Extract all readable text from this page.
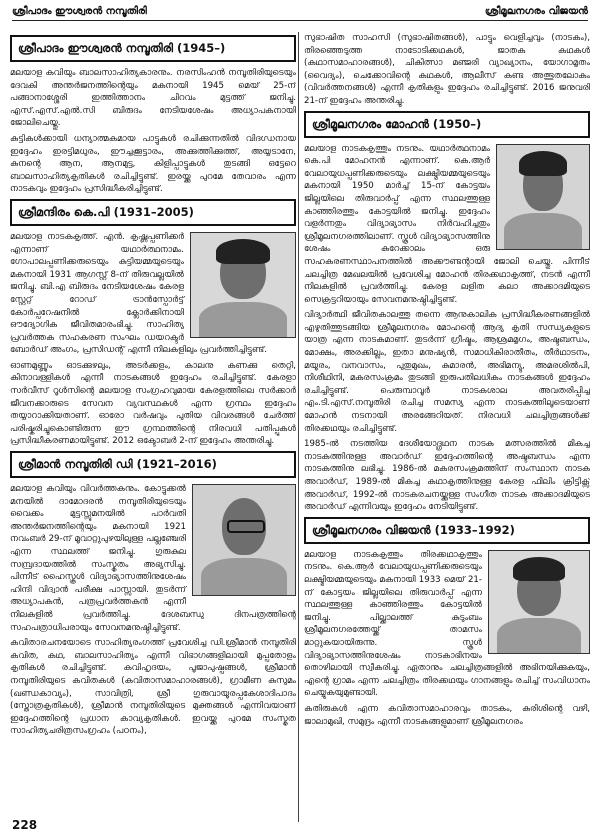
ശ്രീപാദം ഈശ്വരൻ നമ്പൂതിരി	ശ്രീമൂലനഗരം വിജയൻ
ശ്രീപാദം ഈശ്വരൻ നമ്പൂതിരി (1945–)

മലയാള കവിയും ബാലസാഹിത്യകാരനും. നരസിംഹൻ നമ്പൂതിരിയുടെയും ദേവകി അന്തർജനത്തിന്റെയും മകനായി 1945 മെയ് 25-ന് പങ്ങാനാശ്ശേരി ഇത്തിത്താനം ചിറവം മുട്ടത്ത് ജനിച്ചു. എസ്.എസ്.എൽ.സി ബിരുദം നേടിയശേഷം അധ്യാപകനായി ജോലിചെയ്തു.

കുട്ടികൾക്കായി ധന്യാത്മകമായ പാട്ടുകൾ രചിക്കുന്നതിൽ വിദഗ്ധനായ ഇദ്ദേഹം ഇരട്ടിമധുരം, ഈച്ചക്കൂട്ടാരം, അക്കുത്തിക്കുത്ത്, അയ്യടാനേ, കുനന്റെ ആന, ആനമുട്ട, കിളിപ്പാട്ടുകൾ തുടങ്ങി ഒട്ടേറെ ബാലസാഹിത്യകൃതികൾ രചിച്ചിട്ടുണ്ട്. ഇരയ്ക്കു പുറമേ തേവാരം എന്ന നാടകവും ഇദ്ദേഹം പ്രസിദ്ധീകരിച്ചിട്ടുണ്ട്.

ശ്രീമന്ദിരം കെ.പി (1931–2005)

മലയാള നാടകകൃത്ത്. എൻ. കൃഷ്ണപ്പണിക്കർ എന്നാണ് യഥാർത്ഥനാമം. ഗോപാലപ്പണിക്കരുടെയും കുട്ടിയമ്മയുടെയും മകനായി 1931 ആഗസ്റ്റ് 8-ന് തിരുവല്ലയിൽ ജനിച്ചു. ബി.എ ബിരുദം നേടിയശേഷം കേരള സ്റ്റേറ്റ് റോഡ് ട്രാൻസ്പോർട്ട് കോർപ്പറേഷനിൽ ക്ലോർക്കിനായി ഔദ്യോഗിക ജീവിതമാരംഭിച്ചു. സാഹിത്യ പ്രവർത്തക സഹകരണ സംഘം ഡയറക്ടർ ബോർഡ് അംഗം, പ്രസിഡന്റ് എന്നീ നിലകളിലും പ്രവർത്തിച്ചിട്ടുണ്ട്.

ഓണമുണ്ണും ഓടക്കുഴലും, അടർക്കളം, കാലനു കണക്കു തെറ്റി, കിനാവള്ളികൾ എന്നീ നാടകങ്ങൾ ഇദ്ദേഹം രചിച്ചിട്ടുണ്ട്. കേരളാ സർവീസ് റൂൾസിന്റെ മലയാള സംഗ്രഹവുമായ കേരളത്തിലെ സർക്കാർ ജീവനക്കാരുടെ സേവന വ്യവസ്ഥകൾ എന്ന ഗ്രന്ഥം ഇദ്ദേഹം തയ്യാറാക്കിയതാണ്. ഓരോ വർഷവും പുതിയ വിവരങ്ങൾ ചേർത്ത് പരിഷ്കരിച്ചുകൊണ്ടിരുന്ന ഈ ഗ്രന്ഥത്തിന്റെ നിരവധി പതിപ്പുകൾ പ്രസിദ്ധീകരണമായിട്ടുണ്ട്. 2012 ഒക്ടോബർ 2-ന് ഇദ്ദേഹം അന്തരിച്ചു.

ശ്രീമാൻ നമ്പൂതിരി ഡി (1921–2016)

മലയാള കവിയും വിവർത്തകനും. കോട്ടുക്കൽ മനയിൽ ദാമോദരൻ നമ്പൂതിരിയുടെയും വൈക്കം മുട്ടസ്സുമനയിൽ പാർവതി അന്തർജനത്തിന്റെയും മകനായി 1921 നവംബർ 29-ന് മൂവാറ്റുപുഴയിലുള്ള പല്ലഞ്ചേരി എന്ന സ്ഥലത്ത് ജനിച്ചു. ഗുരുകുല സമ്പ്രദായത്തിൽ സംസ്കൃതം അഭ്യസിച്ചു. പിന്നീട് ഹൈസ്കൂൾ വിദ്യാഭ്യാസത്തിനുശേഷം ഹിന്ദി വിദ്വാൻ പരീക്ഷ പാസ്സായി. തുടർന്ന് അധ്യാപകൻ, പത്രപ്രവർത്തകൻ എന്നീ നിലകളിൽ പ്രവർത്തിച്ചു. ദേശബന്ധു ദിനപത്രത്തിന്റെ സഹപത്രാധിപരായും സേവനമനുഷ്ഠിച്ചിട്ടുണ്ട്.

കവിതാരചനയോടെ സാഹിത്യരംഗത്ത് പ്രവേശിച്ച ഡി.ശ്രീമാൻ നമ്പൂതിരി കവിത, കഥ, ബാലസാഹിത്യം എന്നീ വിഭാഗങ്ങളിലായി മുപ്പതോളം കൃതികൾ രചിച്ചിട്ടുണ്ട്. കവിഹൃദയം, പൂജാപുഷ്പങ്ങൾ, ശ്രീമാൻ നമ്പൂതിരിയുടെ കവിതകൾ (കവിതാസമാഹാരങ്ങൾ), ഗ്രാമീണ കുസുമം (ഖണ്ഡകാവ്യം), സാവിത്രി, ശ്രീ ഗുരുവായൂരപ്പകേശാദിപാദം (സ്തോത്രകൃതികൾ), ശ്രീമാൻ നമ്പൂതിരിയുടെ മുക്തങ്ങൾ എന്നിവയാണ് ഇദ്ദേഹത്തിന്റെ പ്രധാന കാവ്യകൃതികൾ. ഇവയ്ക്കു പുറമേ സംസ്കൃത സാഹിത്യചരിത്രസംഗ്രഹം (പഠനം),

സുഭാഷിത സാഹസി (സുഭാഷിതങ്ങൾ), പാട്ടും വെളിച്ചവും (നാടകം), തിരഞ്ഞെടുത്ത നാടോടിക്കഥകൾ, ജാതക കഥകൾ (കഥാസമാഹാരങ്ങൾ), ചികിത്സാ മഞ്ജരി വ്യാഖ്യാനം, യോഗാമൃതം (വൈദ്യം), ചെക്കോവിന്റെ കഥകൾ, ആലീസ് കണ്ട അത്ഭുതലോകം (വിവർത്തനങ്ങൾ) എന്നീ കൃതികളും ഇദ്ദേഹം രചിച്ചിട്ടുണ്ട്. 2016 ജനുവരി 21-ന് ഇദ്ദേഹം അന്തരിച്ചു.

ശ്രീമൂലനഗരം മോഹൻ (1950–)

മലയാള നാടകകൃത്തും നടനും. യഥാർത്ഥനാമം കെ.പി മോഹനൻ എന്നാണ്. കെ.ആർ വേലായുധപ്പണിക്കരുടെയും ലക്ഷ്മിയമ്മയുടെയും മകനായി 1950 മാർച്ച് 15-ന് കോട്ടയം ജില്ലയിലെ തിരുവാർപ്പ് എന്ന സ്ഥലത്തുള്ള കാഞ്ഞിരത്തും കോട്ടയിൽ ജനിച്ചു. ഇദ്ദേഹം വളർന്നതും വിദ്യാഭ്യാസം നിർവഹിച്ചതും ശ്രീമൂലനഗരത്തിലാണ്. സ്കൂൾ വിദ്യാഭ്യാസത്തിനു ശേഷം കുറേക്കാലം ഒരു സഹകരണസ്ഥാപനത്തിൽ അക്കൗണ്ടന്റായി ജോലി ചെയ്തു. പിന്നീട് ചലച്ചിത്ര മേഖലയിൽ പ്രവേശിച്ച മോഹൻ തിരക്കഥാകൃത്ത്, നടൻ എന്നീ നിലകളിൽ പ്രവർത്തിച്ചു. കേരള ലളിത കലാ അക്കാദമിയുടെ സെക്രട്ടറിയായും സേവനമനുഷ്ഠിച്ചിട്ടുണ്ട്.

വിദ്യാർത്ഥി ജീവിതകാലത്തു തന്നെ ആനുകാലിക പ്രസിദ്ധീകരണങ്ങളിൽ എഴുതിത്തുടങ്ങിയ ശ്രീമൂലനഗരം മോഹന്റെ ആദ്യ കൃതി സന്ധ്യകളുടെ യാത്ര എന്ന നാടകമാണ്. തുടർന്ന് ഗ്രീഷ്മം, ആശ്രമമൃഗം, അഷ്ടബന്ധം, മോക്ഷം, അരക്കില്ലം, ഇതാ മനുഷ്യൻ, സമാധികിരാതീതം, തീർഥാടനം, മയൂരം, വനവാസം, പുതുമുഖം, കുമാരൻ, അഭിമന്യു, അമരശിൽപി, നിശീഥിനി, മകരസംക്രമം തുടങ്ങി ഇരുപതിലധികം നാടകങ്ങൾ ഇദ്ദേഹം രചിച്ചിട്ടുണ്ട്. പെരുമ്പാവൂർ നാടകശാല അവതരിപ്പിച്ച എം.ടി.എസ്.നമ്പൂതിരി രചിച്ച സമസ്യ എന്ന നാടകത്തിലൂടെയാണ് മോഹൻ നടനായി അരങ്ങേറിയത്. നിരവധി ചലച്ചിത്രങ്ങൾക്ക് തിരക്കഥയും രചിച്ചിട്ടുണ്ട്.

1985-ൽ നടത്തിയ ദേശീയോദ്ഗ്രഥന നാടക മത്സരത്തിൽ മികച്ച നാടകത്തിനുള്ള അവാർഡ് ഇദ്ദേഹത്തിന്റെ അഷ്ടബന്ധം എന്ന നാടകത്തിനു ലഭിച്ചു. 1986-ൽ മകരസംക്രമത്തിന് സംസ്ഥാന നാടക അവാർഡ്, 1989-ൽ മികച്ച കഥാകൃത്തിനുള്ള കേരള ഫിലിം ക്രിട്ടിക്സ് അവാർഡ്, 1992-ൽ നാടകരചനയ്ക്കുള്ള സംഗീത നാടക അക്കാദമിയുടെ അവാർഡ് എന്നിവയും ഇദ്ദേഹം നേടിയിട്ടുണ്ട്.

ശ്രീമൂലനഗരം വിജയൻ (1933–1992)

മലയാള നാടകകൃത്തും തിരക്കഥാകൃത്തും നടനും. കെ.ആർ വേലായുധപ്പണിക്കരുടെയും ലക്ഷ്മിയമ്മയുടെയും മകനായി 1933 മെയ് 21-ന് കോട്ടയം ജില്ലയിലെ തിരുവാർപ്പ് എന്ന സ്ഥലത്തുള്ള കാഞ്ഞിരത്തും കോട്ടയിൽ ജനിച്ചു. പില്ക്കാലത്ത് കുടുംബം ശ്രീമൂലനഗരത്തേയ്ക്ക് താമസം മാറ്റുകയായിരുന്നു. സ്കൂൾ വിദ്യാഭ്യാസത്തിനുശേഷം നാടകാഭിനയം തൊഴിലായി സ്വീകരിച്ചു. ഏതാനും ചലച്ചിത്രങ്ങളിൽ അഭിനയിക്കുകയും, എന്റെ ഗ്രാമം എന്ന ചലച്ചിത്രം തിരക്കഥയും ഗാനങ്ങളും രചിച്ച് സംവിധാനം ചെയ്യുകയുമുണ്ടായി.

കതിരുകൾ എന്ന കവിതാസമാഹാരവും താടകം, കുരിശിന്റെ വഴി, ജാലാമുഖി, സമുദ്രം എന്നീ നാടകങ്ങളുമാണ് ശ്രീമൂലനഗരം

228
